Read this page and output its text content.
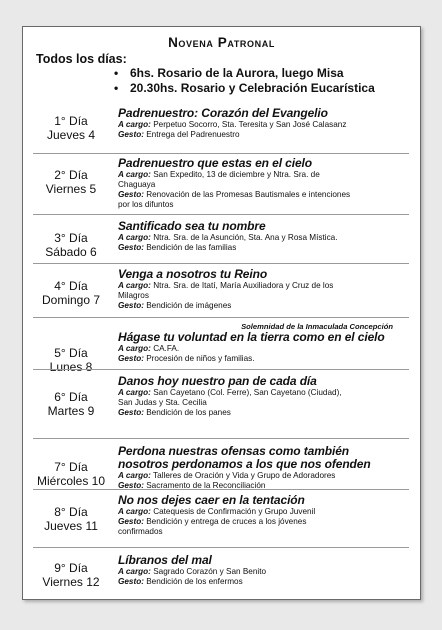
Novena Patronal
Todos los días:
• 6hs. Rosario de la Aurora, luego Misa
• 20.30hs. Rosario y Celebración Eucarística
1° Día
Jueves 4
Padrenuestro: Corazón del Evangelio
A cargo: Perpetuo Socorro, Sta. Teresita y San José Calasanz
Gesto: Entrega del Padrenuestro
2° Día
Viernes 5
Padrenuestro que estas en el cielo
A cargo: San Expedito, 13 de diciembre y Ntra. Sra. de
Chaguaya
Gesto: Renovación de las Promesas Bautismales e intenciones
por los difuntos
3° Día
Sábado 6
Santificado sea tu nombre
A cargo: Ntra. Sra. de la Asunción, Sta. Ana y Rosa Mística.
Gesto: Bendición de las familias
4° Día
Domingo 7
Venga a nosotros tu Reino
A cargo: Ntra. Sra. de Itatí, María Auxiliadora y Cruz de los
Milagros
Gesto: Bendición de imágenes
5° Día
Lunes 8
Hágase tu voluntad en la tierra como en el cielo
A cargo: CA.FA.
Gesto: Procesión de niños y familias.
6° Día
Martes 9
Danos hoy nuestro pan de cada día
A cargo: San Cayetano (Col. Ferre), San Cayetano (Ciudad),
San Judas y Sta. Cecilia
Gesto: Bendición de los panes
7° Día
Miércoles 10
Perdona nuestras ofensas como también
nosotros perdonamos a los que nos ofenden
A cargo: Talleres de Oración y Vida y Grupo de Adoradores
Gesto: Sacramento de la Reconciliación
8° Día
Jueves 11
No nos dejes caer en la tentación
A cargo: Catequesis de Confirmación y Grupo Juvenil
Gesto: Bendición y entrega de cruces a los jóvenes
confirmados
9° Día
Viernes 12
Líbranos del mal
A cargo: Sagrado Corazón y San Benito
Gesto: Bendición de los enfermos
Solemnidad de la Inmaculada Concepción
